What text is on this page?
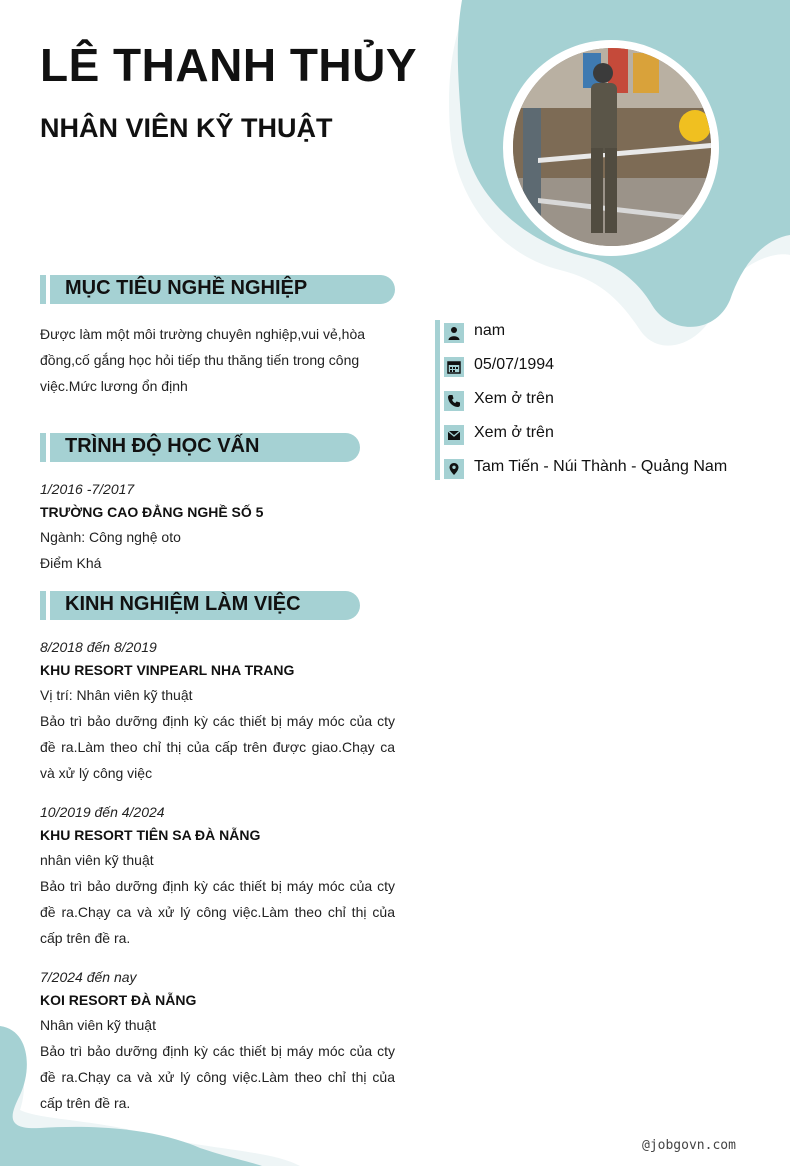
LÊ THANH THỦY
NHÂN VIÊN KỸ THUẬT
MỤC TIÊU NGHỀ NGHIỆP
Được làm một môi trường chuyên nghiệp,vui vẻ,hòa đồng,cố gắng học hỏi tiếp thu thăng tiến trong công việc.Mức lương ổn định
TRÌNH ĐỘ HỌC VẤN
1/2016 -7/2017
TRƯỜNG CAO ĐẲNG NGHỀ SỐ 5
Ngành: Công nghệ oto
Điểm Khá
KINH NGHIỆM LÀM VIỆC
8/2018 đến 8/2019
KHU RESORT VINPEARL NHA TRANG
Vị trí: Nhân viên kỹ thuật
Bảo trì bảo dưỡng định kỳ các thiết bị máy móc của cty đề ra.Làm theo chỉ thị của cấp trên được giao.Chạy ca và xử lý công việc
10/2019 đến 4/2024
KHU RESORT TIÊN SA ĐÀ NẴNG
nhân viên kỹ thuật
Bảo trì bảo dưỡng định kỳ các thiết bị máy móc của cty đề ra.Chạy ca và xử lý công việc.Làm theo chỉ thị của cấp trên đề ra.
7/2024 đến nay
KOI RESORT ĐÀ NẴNG
Nhân viên kỹ thuật
Bảo trì bảo dưỡng định kỳ các thiết bị máy móc của cty đề ra.Chạy ca và xử lý công việc.Làm theo chỉ thị của cấp trên đề ra.
nam
05/07/1994
Xem ở trên
Xem ở trên
Tam Tiến - Núi Thành - Quảng Nam
@jobgovn.com
